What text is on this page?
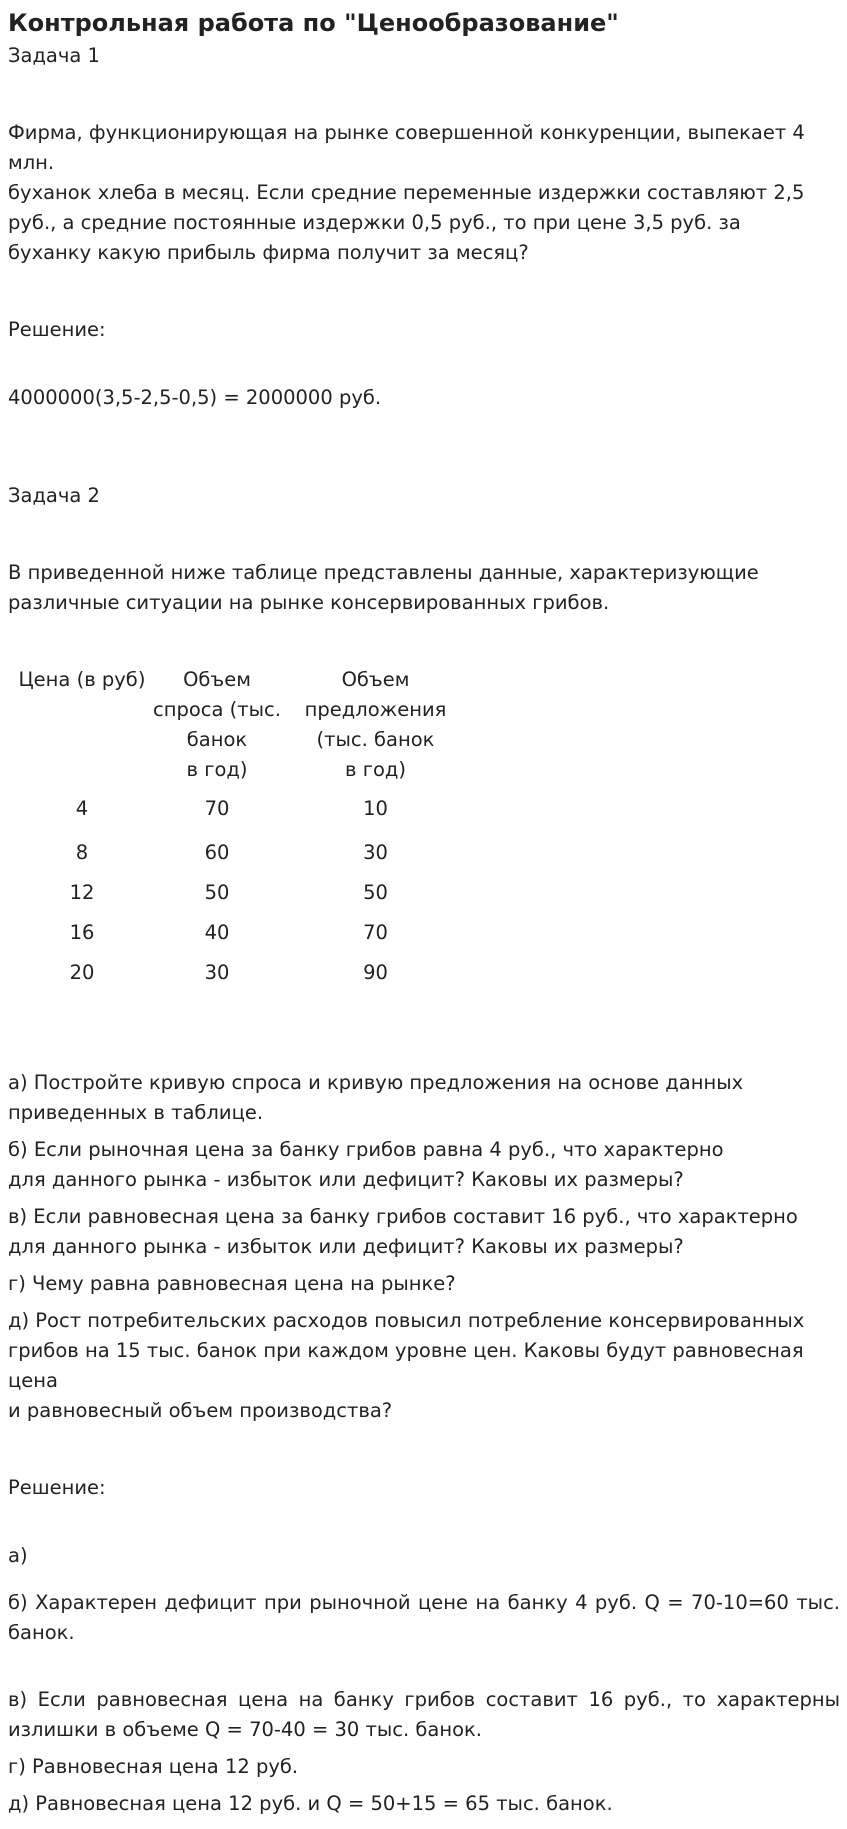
Контрольная работа по "Ценообразование"

Задача 1

Фирма, функционирующая на рынке совершенной конкуренции, выпекает 4 млн.
буханок хлеба в месяц. Если средние переменные издержки составляют 2,5
руб., а средние постоянные издержки 0,5 руб., то при цене 3,5 руб. за
буханку какую прибыль фирма получит за месяц?

Решение:

4000000(3,5-2,5-0,5) = 2000000 руб.

Задача 2

В приведенной ниже таблице представлены данные, характеризующие
различные ситуации на рынке консервированных грибов.

Цена (в руб)	Объем
спроса (тыс.
банок
в год)	Объем
предложения
(тыс. банок
в год)
4	70	10
8	60	30
12	50	50
16	40	70
20	30	90

а) Постройте кривую спроса и кривую предложения на основе данных
приведенных в таблице.

б) Если рыночная цена за банку грибов равна 4 руб., что характерно
для данного рынка - избыток или дефицит? Каковы их размеры?

в) Если равновесная цена за банку грибов составит 16 руб., что характерно
для данного рынка - избыток или дефицит? Каковы их размеры?

г) Чему равна равновесная цена на рынке?

д) Рост потребительских расходов повысил потребление консервированных
грибов на 15 тыс. банок при каждом уровне цен. Каковы будут равновесная цена
и равновесный объем производства?

Решение:

а)

б) Характерен дефицит при рыночной цене на банку 4 руб. Q = 70-10=60 тыс. банок.

в) Если равновесная цена на банку грибов составит 16 руб., то характерны излишки в объеме Q = 70-40 = 30 тыс. банок.

г) Равновесная цена 12 руб.

д) Равновесная цена 12 руб. и Q = 50+15 = 65 тыс. банок.
